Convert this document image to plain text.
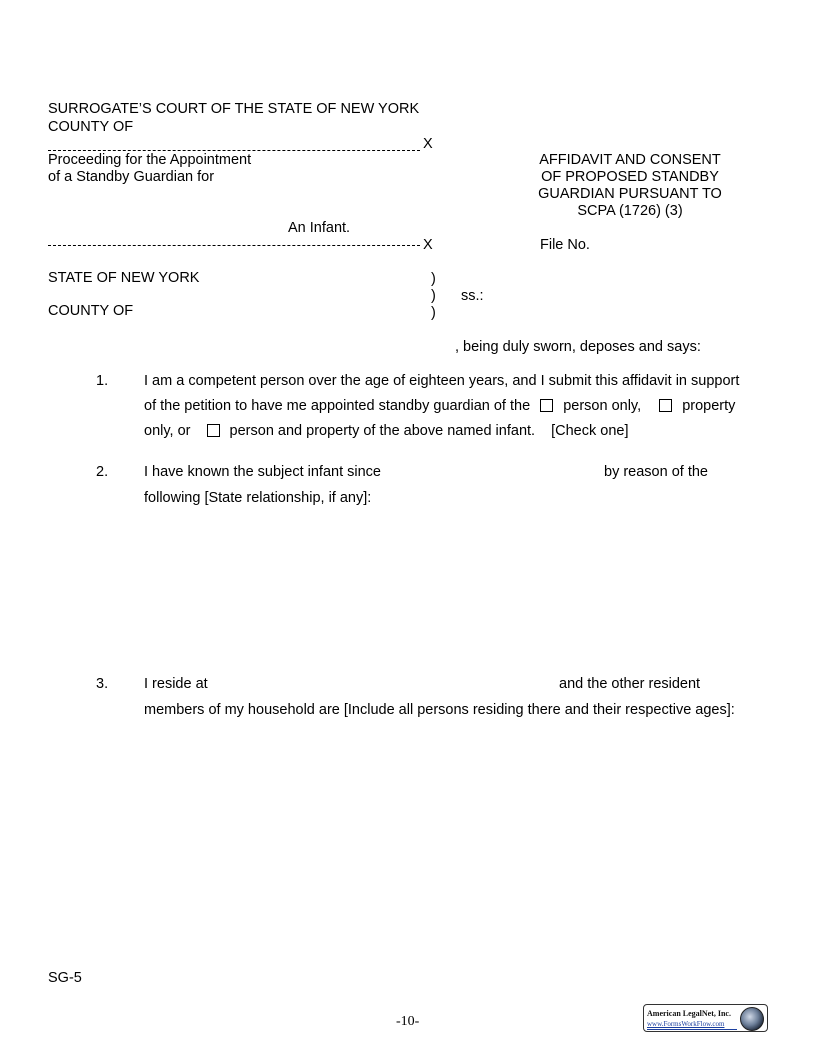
SURROGATE’S COURT OF THE STATE OF NEW YORK
COUNTY OF
X
Proceeding for the Appointment
of a Standby Guardian for
An Infant.
AFFIDAVIT AND CONSENT
OF PROPOSED STANDBY
GUARDIAN PURSUANT TO
SCPA (1726) (3)
X	File No.
STATE OF NEW YORK
COUNTY OF
)
)
)
ss.:
, being duly sworn, deposes and says:
1. I am a competent person over the age of eighteen years, and I submit this affidavit in support
of the petition to have me appointed standby guardian of the person only,	property
only, or	person and property of the above named infant. [Check one]
2. I have known the subject infant since	by reason of the
following [State relationship, if any]:
3. I reside at	and the other resident
members of my household are [Include all persons residing there and their respective ages]:
SG-5
-10-
American LegalNet, Inc.
www.FormsWorkFlow.com
